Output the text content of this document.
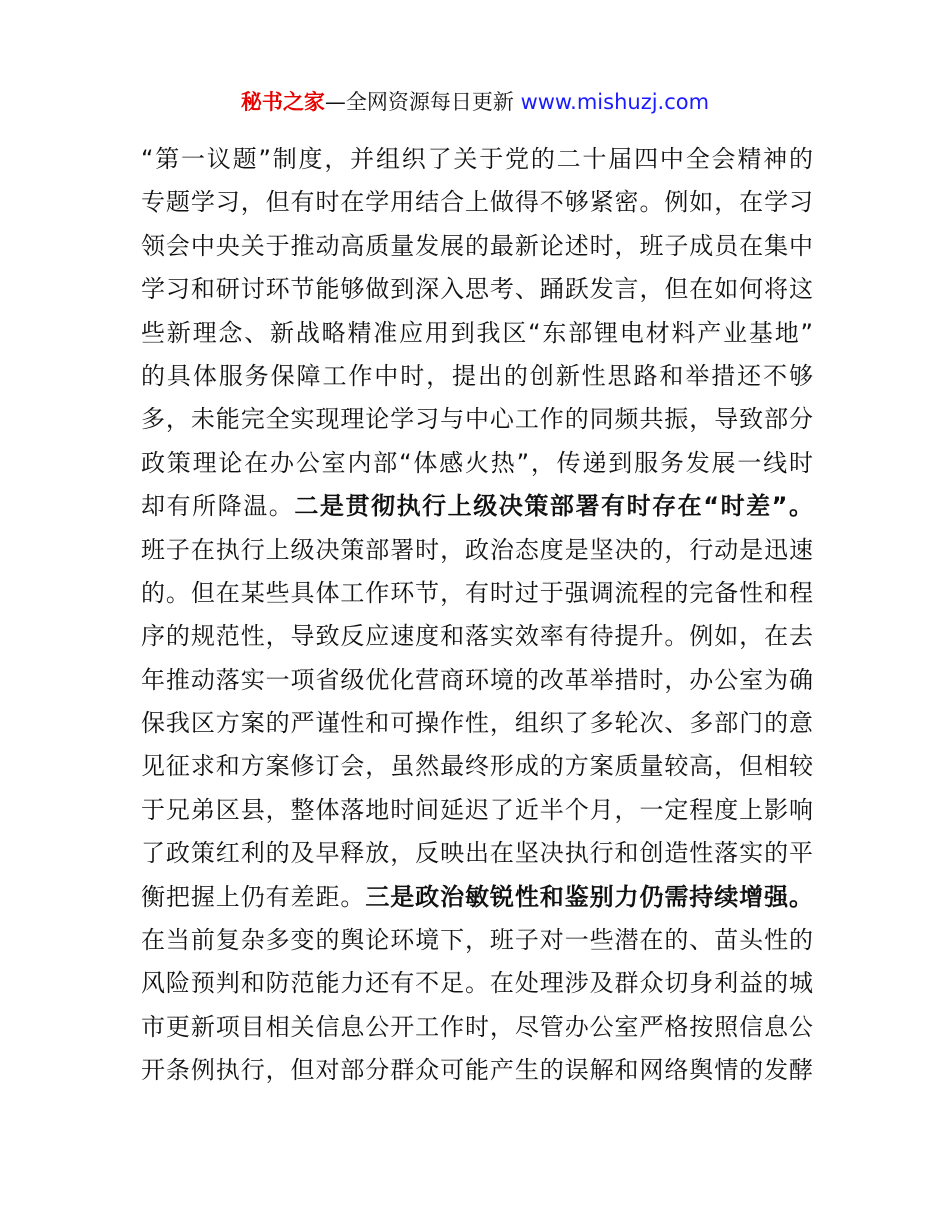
秘书之家—全网资源每日更新 www.mishuzj.com
“第一议题”制度，并组织了关于党的二十届四中全会精神的
专题学习，但有时在学用结合上做得不够紧密。例如，在学习
领会中央关于推动高质量发展的最新论述时，班子成员在集中
学习和研讨环节能够做到深入思考、踊跃发言，但在如何将这
些新理念、新战略精准应用到我区“东部锂电材料产业基地”
的具体服务保障工作中时，提出的创新性思路和举措还不够
多，未能完全实现理论学习与中心工作的同频共振，导致部分
政策理论在办公室内部“体感火热”，传递到服务发展一线时
却有所降温。二是贯彻执行上级决策部署有时存在“时差”。
班子在执行上级决策部署时，政治态度是坚决的，行动是迅速
的。但在某些具体工作环节，有时过于强调流程的完备性和程
序的规范性，导致反应速度和落实效率有待提升。例如，在去
年推动落实一项省级优化营商环境的改革举措时，办公室为确
保我区方案的严谨性和可操作性，组织了多轮次、多部门的意
见征求和方案修订会，虽然最终形成的方案质量较高，但相较
于兄弟区县，整体落地时间延迟了近半个月，一定程度上影响
了政策红利的及早释放，反映出在坚决执行和创造性落实的平
衡把握上仍有差距。三是政治敏锐性和鉴别力仍需持续增强。
在当前复杂多变的舆论环境下，班子对一些潜在的、苗头性的
风险预判和防范能力还有不足。在处理涉及群众切身利益的城
市更新项目相关信息公开工作时，尽管办公室严格按照信息公
开条例执行，但对部分群众可能产生的误解和网络舆情的发酵
